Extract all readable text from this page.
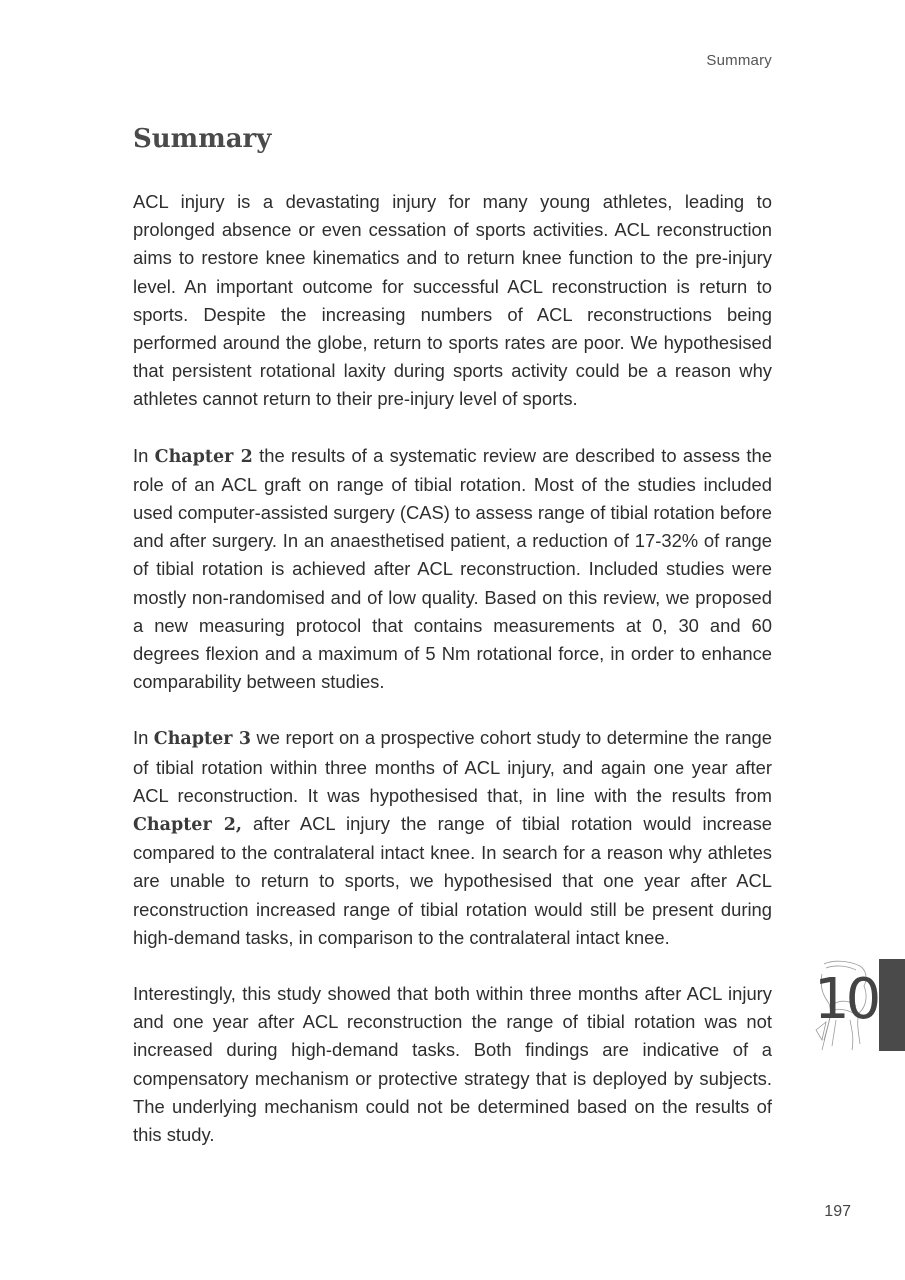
Summary
Summary

ACL injury is a devastating injury for many young athletes, leading to prolonged absence or even cessation of sports activities. ACL reconstruction aims to restore knee kinematics and to return knee function to the pre-injury level. An important outcome for successful ACL reconstruction is return to sports. Despite the increasing numbers of ACL reconstructions being performed around the globe, return to sports rates are poor. We hypothesised that persistent rotational laxity during sports activity could be a reason why athletes cannot return to their pre-injury level of sports.

In Chapter 2 the results of a systematic review are described to assess the role of an ACL graft on range of tibial rotation. Most of the studies included used computer-assisted surgery (CAS) to assess range of tibial rotation before and after surgery. In an anaesthetised patient, a reduction of 17-32% of range of tibial rotation is achieved after ACL reconstruction. Included studies were mostly non-randomised and of low quality. Based on this review, we proposed a new measuring protocol that contains measurements at 0, 30 and 60 degrees flexion and a maximum of 5 Nm rotational force, in order to enhance comparability between studies.

In Chapter 3 we report on a prospective cohort study to determine the range of tibial rotation within three months of ACL injury, and again one year after ACL reconstruction. It was hypothesised that, in line with the results from Chapter 2, after ACL injury the range of tibial rotation would increase compared to the contralateral intact knee. In search for a reason why athletes are unable to return to sports, we hypothesised that one year after ACL reconstruction increased range of tibial rotation would still be present during high-demand tasks, in comparison to the contralateral intact knee.

Interestingly, this study showed that both within three months after ACL injury and one year after ACL reconstruction the range of tibial rotation was not increased during high-demand tasks. Both findings are indicative of a compensatory mechanism or protective strategy that is deployed by subjects. The underlying mechanism could not be determined based on the results of this study.

10
197
